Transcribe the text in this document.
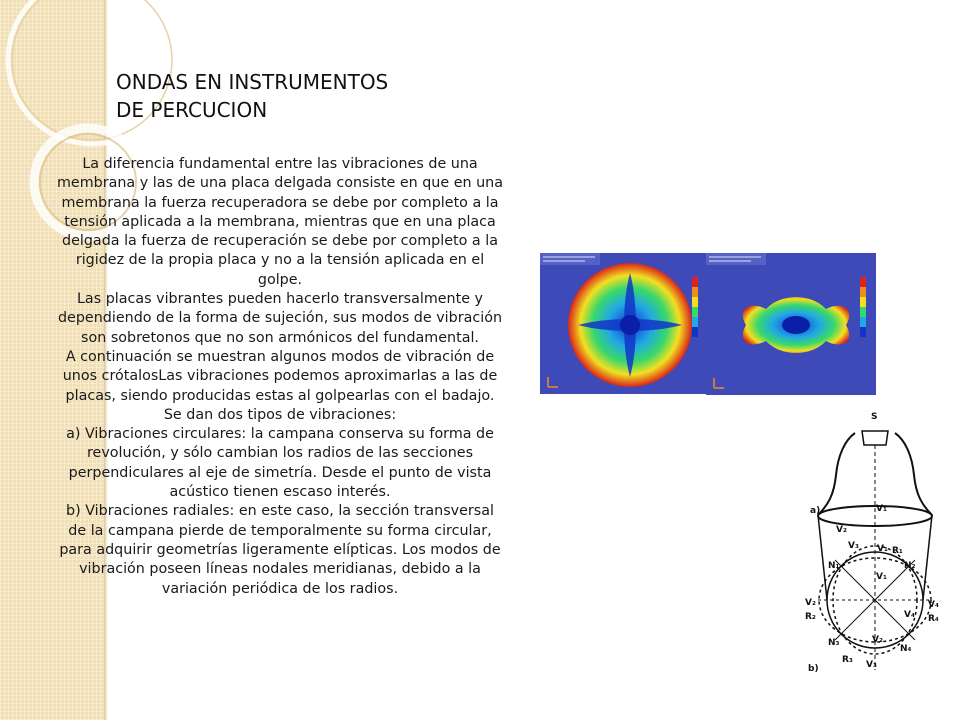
ONDAS EN INSTRUMENTOS
DE PERCUCION

La diferencia fundamental entre las vibraciones de una membrana y las de una placa delgada consiste en que en una membrana la fuerza recuperadora se debe por completo a la tensión aplicada a la membrana, mientras que en una placa delgada la fuerza de recuperación se debe por completo a la rigidez de la propia placa y no a la tensión aplicada en el golpe.

Las placas vibrantes pueden hacerlo transversalmente y dependiendo de la forma de sujeción, sus modos de vibración son sobretonos que no son armónicos del fundamental.

A continuación se muestran algunos modos de vibración de unos crótalosLas vibraciones podemos aproximarlas a las de placas, siendo producidas estas al golpearlas con el badajo. Se dan dos tipos de vibraciones:

a) Vibraciones circulares: la campana conserva su forma de revolución, y sólo cambian los radios de las secciones perpendiculares al eje de simetría. Desde el punto de vista acústico tienen escaso interés.

b) Vibraciones radiales: en este caso, la sección transversal de la campana pierde de temporalmente su forma circular, para adquirir geometrías ligeramente elípticas. Los modos de vibración poseen líneas nodales meridianas, debido a la variación periódica de los radios.

S
a)	V₁
V₂
V₃ V₁ R₁
N₁	N₂
V₁
V₂
R₂
V₄
V₄ R₄
N₃	V₂
N₄
R₃ V₃
b)
